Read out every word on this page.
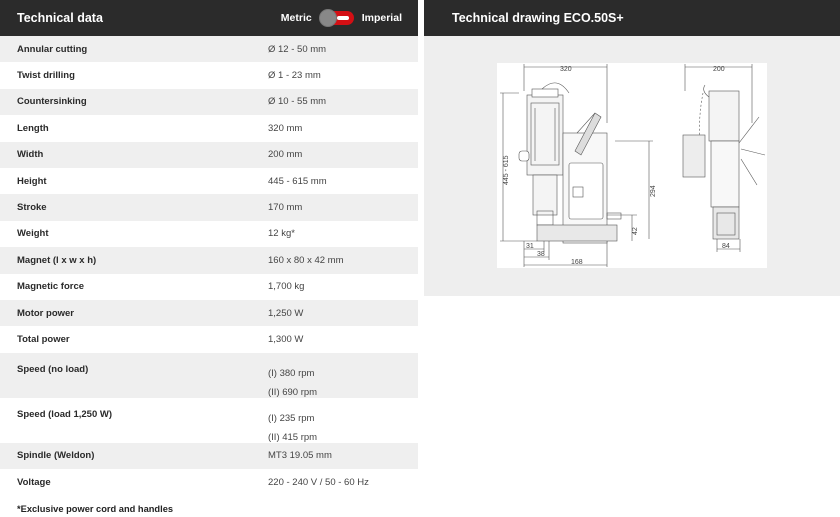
Technical data	Metric	Imperial
Annular cutting	Ø 12 - 50 mm
Twist drilling	Ø 1 - 23 mm
Countersinking	Ø 10 - 55 mm
Length	320 mm
Width	200 mm
Height	445 - 615 mm
Stroke	170 mm
Weight	12 kg*
Magnet (l x w x h)	160 x 80 x 42 mm
Magnetic force	1,700 kg
Motor power	1,250 W
Total power	1,300 W
Speed (no load)	(I) 380 rpm
(II) 690 rpm
Speed (load 1,250 W)	(I) 235 rpm
(II) 415 rpm
Spindle (Weldon)	MT3 19.05 mm
Voltage	220 - 240 V / 50 - 60 Hz
*Exclusive power cord and handles
Technical drawing ECO.50S+
320	200
445 - 615
294
42
31
38
168
84
